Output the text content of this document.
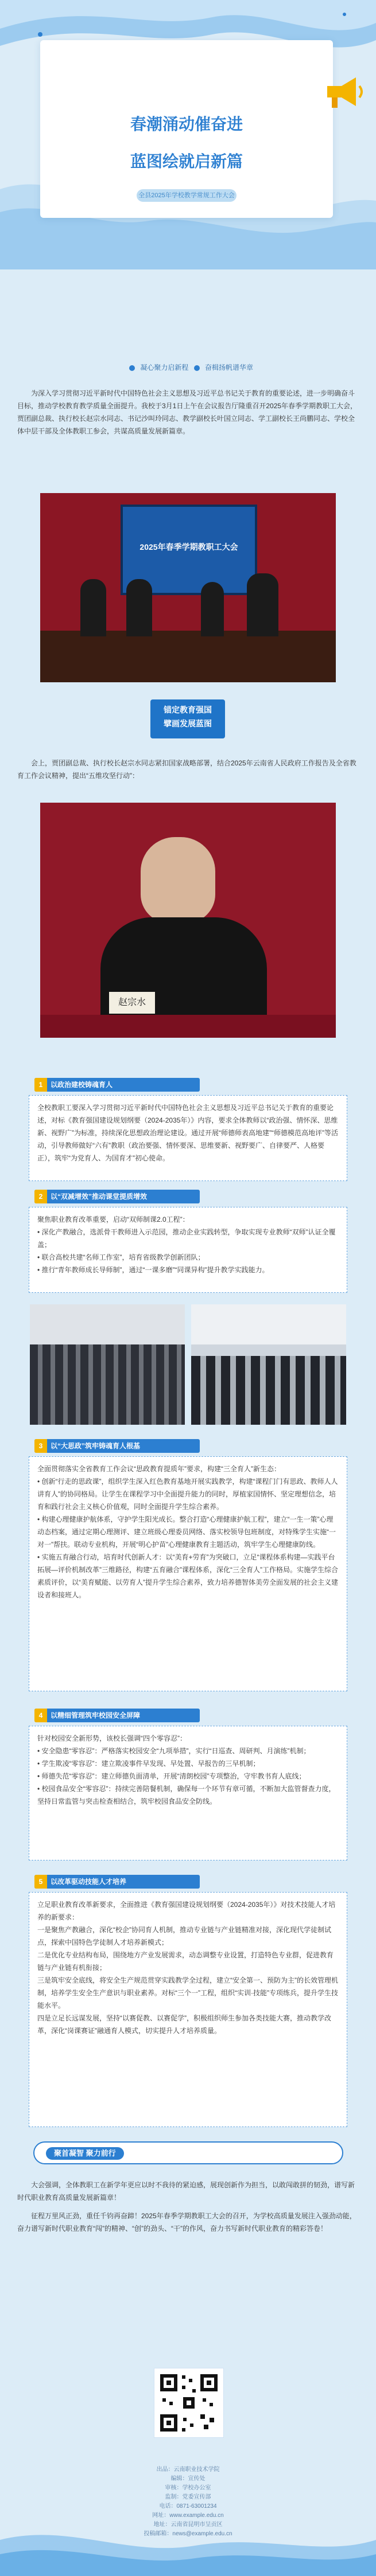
春潮涌动催奋进
蓝图绘就启新篇
全县2025年学校教学常规工作大会
凝心聚力启新程 奋楫扬帆谱华章

为深入学习贯彻习近平新时代中国特色社会主义思想及习近平总书记关于教育的重要论述，进一步明确奋斗目标，推动学校教育教学质量全面提升。我校于3月1日上午在会议报告厅隆重召开2025年春季学期教职工大会，贾团副总裁、执行校长赵宗水同志、书记沙叫玲同志、教学副校长叶国立同志、学工副校长王尚鹏同志、学校全体中层干部及全体教职工参会，共谋高质量发展新篇章。

2025年春季学期教职工大会
锚定教育强国
擘画发展蓝图

会上，贾团副总裁、执行校长赵宗水同志紧扣国家战略部署，结合2025年云南省人民政府工作报告及全省教育工作会议精神，提出“五维攻坚行动”：

赵宗水
1	以政治建校铸魂育人
全校教职工要深入学习贯彻习近平新时代中国特色社会主义思想及习近平总书记关于教育的重要论述，对标《教育强国建设规划纲要（2024-2035年）》内容，要求全体教师以“政治强、情怀深、思维新、视野广”为标准，持续深化思想政治理论建设。通过开展“师德师表高地建”“师德模范高地评”等活动，引导教师做好“六有”教职（政治要强、情怀要深、思维要新、视野要广、自律要严、人格要正），筑牢“为党育人、为国育才”初心使命。
2	以“双减增效”推动课堂提质增效
聚焦职业教育改革重要，启动“双师制课2.0工程”：
• 深化产教融合，选派骨干教师进入示范园，推动企业实践转型，争取实现专业教师“双师”认证全覆盖；
• 联合高校共建“名师工作室”，培育省级教学创新团队；
• 推行“青年教师成长导师制”，通过“一课多磨”“同课异构”提升教学实践能力。
3	以“大思政”筑牢铸魂育人根基
全面贯彻落实全省教育工作会议“思政教育提质年”要求，构建“三全育人”新生态：
• 创新“行走的思政课”，组织学生深入红色教育基地开展实践教学，构建“课程门门有思政、教师人人讲育人”的协同格局。让学生在课程学习中全面提升能力的同时，厚植家国情怀、坚定理想信念，培育和践行社会主义核心价值观，同时全面提升学生综合素养。
• 构建心理健康护航体系，守护学生阳光成长。整合打造“心理健康护航工程”，建立“一生一策”心理动态档案，通过定期心理测评、建立班级心理委员网络、落实校领导包班制度，对特殊学生实施“一对一”帮扶。联动专业机构，开展“明心护苗”心理健康教育主题活动，筑牢学生心理健康防线。
• 实施五育融合行动，培育时代创新人才：以“美育+劳育”为突破口，立足“课程体系构建—实践平台拓展—评价机制改革”三维路径，构建“五育融合”课程体系，深化“三全育人”工作格局。实施学生综合素质评价，以“美育赋能、以劳育人”提升学生综合素养，致力培养德智体美劳全面发展的社会主义建设者和接班人。
4	以精细管理筑牢校园安全屏障
针对校园安全新形势，该校长强调“四个零容忍”：
• 安全隐患“零容忍”：严格落实校园安全“九项举措”，实行“日巡查、周研判、月演练”机制；
• 学生欺凌“零容忍”：建立欺凌事件早发现、早处置、早报告的三早机制；
• 师德失范“零容忍”：建立师德负面清单，开展“清朗校园”专项整治，守牢教书育人底线；
• 校园食品安全“零容忍”：持续完善陪餐机制，确保每一个环节有章可循，不断加大监管督查力度，坚持日常监管与突击检查相结合，筑牢校园食品安全防线。
5	以改革驱动技能人才培养
立足职业教育改革新要求，全面推进《教育强国建设规划纲要（2024-2035年）》对技术技能人才培养的新要求：
一是聚焦产教融合，深化“校企”协同育人机制，推动专业链与产业链精准对接，深化现代学徒制试点，探索中国特色学徒制人才培养新模式；
二是优化专业结构布局，围绕地方产业发展需求，动态调整专业设置，打造特色专业群，促进教育链与产业链有机衔接；
三是筑牢安全底线，将安全生产规范贯穿实践教学全过程，建立“安全第一、预防为主”的长效管理机制，培养学生安全生产意识与职业素养。对标“三个一”工程，组织“实训·技能”专项练兵，提升学生技能水平。
四是立足长远谋发展，坚持“以赛促教、以赛促学”，积极组织师生参加各类技能大赛，推动教学改革，深化“岗课赛证”融通育人模式，切实提升人才培养质量。
聚首凝智 聚力前行

大会强调，全体教职工在新学年更应以时不我待的紧迫感，展现创新作为担当，以敢闯敢拼的韧劲，谱写新时代职业教育高质量发展新篇章！

征程万里风正劲，重任千钧再奋蹄！2025年春季学期教职工大会的召开，为学校高质量发展注入强劲动能，奋力谱写新时代职业教育“闯”的精神、“创”的劲头、“干”的作风，奋力书写新时代职业教育的精彩答卷！

出品：云南职业技术学院
编辑：宣传处
审核：学校办公室
监制：党委宣传部
电话：0871-63001234
网址：www.example.edu.cn
地址：云南省昆明市呈贡区
投稿邮箱：news@example.edu.cn
